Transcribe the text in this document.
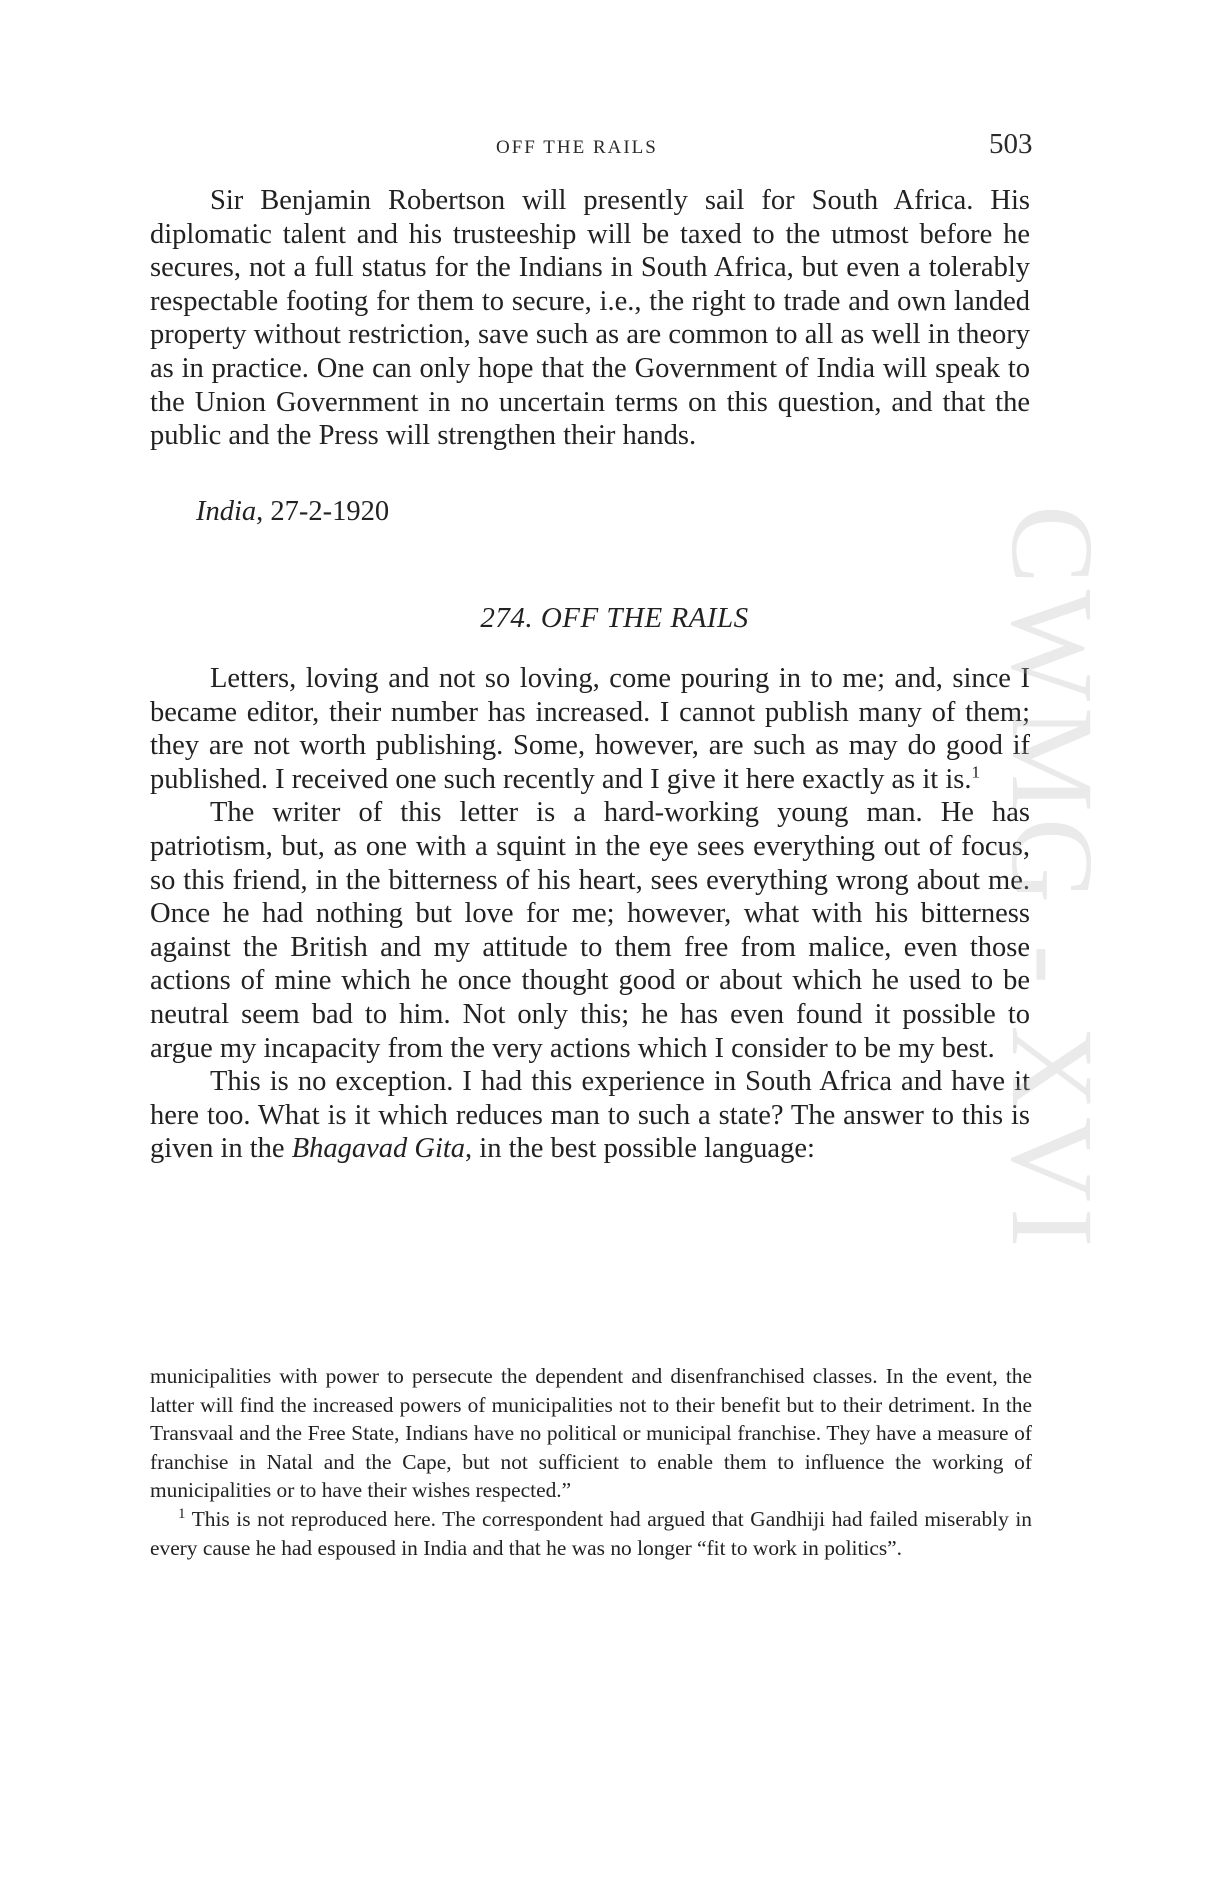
OFF THE RAILS	503

Sir Benjamin Robertson will presently sail for South Africa. His diplomatic talent and his trusteeship will be taxed to the utmost before he secures, not a full status for the Indians in South Africa, but even a tolerably respectable footing for them to secure, i.e., the right to trade and own landed property without restriction, save such as are common to all as well in theory as in practice. One can only hope that the Government of India will speak to the Union Government in no uncertain terms on this question, and that the public and the Press will strengthen their hands.

India, 27-2-1920
274. OFF THE RAILS

Letters, loving and not so loving, come pouring in to me; and, since I became editor, their number has increased. I cannot publish many of them; they are not worth publishing. Some, however, are such as may do good if published. I received one such recently and I give it here exactly as it is.$^1$

The writer of this letter is a hard-working young man. He has patriotism, but, as one with a squint in the eye sees everything out of focus, so this friend, in the bitterness of his heart, sees everything wrong about me. Once he had nothing but love for me; however, what with his bitterness against the British and my attitude to them free from malice, even those actions of mine which he once thought good or about which he used to be neutral seem bad to him. Not only this; he has even found it possible to argue my incapacity from the very actions which I consider to be my best.

This is no exception. I had this experience in South Africa and have it here too. What is it which reduces man to such a state? The answer to this is given in the Bhagavad Gita, in the best possible language:

municipalities with power to persecute the dependent and disenfranchised classes. In the event, the latter will find the increased powers of municipalities not to their benefit but to their detriment. In the Transvaal and the Free State, Indians have no political or municipal franchise. They have a measure of franchise in Natal and the Cape, but not sufficient to enable them to influence the working of municipalities or to have their wishes respected.”

$^1$ This is not reproduced here. The correspondent had argued that Gandhiji had failed miserably in every cause he had espoused in India and that he was no longer “fit to work in politics”.

CWMG - XVI
